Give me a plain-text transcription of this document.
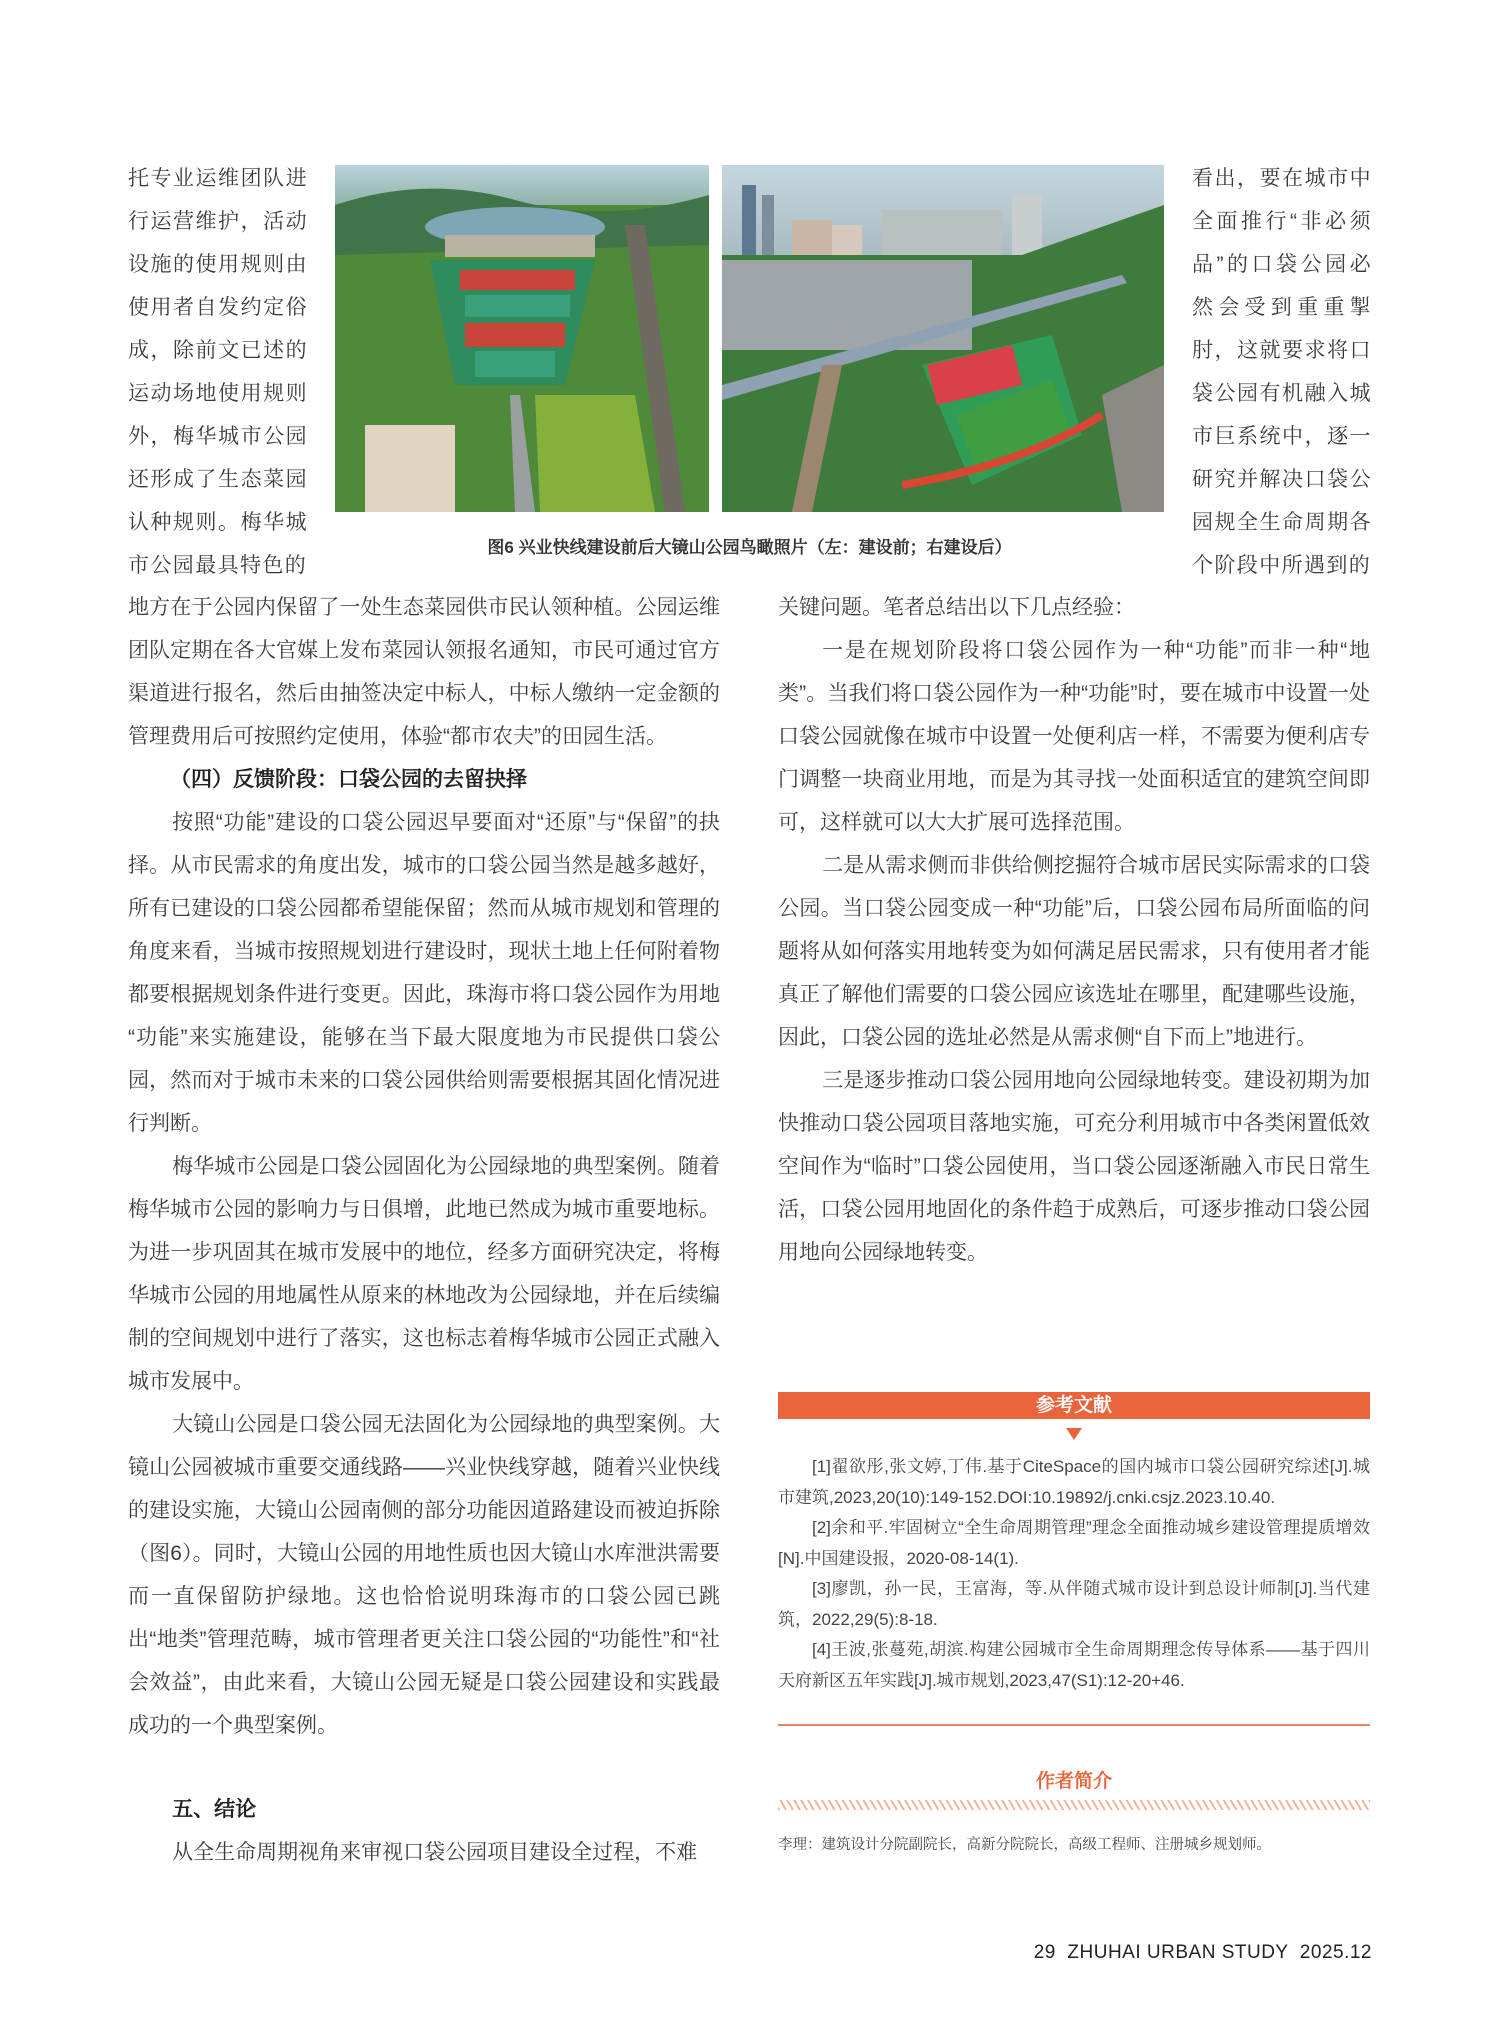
托专业运维团队进行运营维护，活动设施的使用规则由使用者自发约定俗成，除前文已述的运动场地使用规则外，梅华城市公园还形成了生态菜园认种规则。梅华城市公园最具特色的
看出，要在城市中全面推行“非必须品”的口袋公园必然会受到重重掣肘，这就要求将口袋公园有机融入城市巨系统中，逐一研究并解决口袋公园规全生命周期各个阶段中所遇到的
图6 兴业快线建设前后大镜山公园鸟瞰照片（左：建设前；右建设后）

地方在于公园内保留了一处生态菜园供市民认领种植。公园运维团队定期在各大官媒上发布菜园认领报名通知，市民可通过官方渠道进行报名，然后由抽签决定中标人，中标人缴纳一定金额的管理费用后可按照约定使用，体验“都市农夫”的田园生活。

（四）反馈阶段：口袋公园的去留抉择

按照“功能”建设的口袋公园迟早要面对“还原”与“保留”的抉择。从市民需求的角度出发，城市的口袋公园当然是越多越好，所有已建设的口袋公园都希望能保留；然而从城市规划和管理的角度来看，当城市按照规划进行建设时，现状土地上任何附着物都要根据规划条件进行变更。因此，珠海市将口袋公园作为用地 “功能”来实施建设，能够在当下最大限度地为市民提供口袋公园，然而对于城市未来的口袋公园供给则需要根据其固化情况进行判断。

梅华城市公园是口袋公园固化为公园绿地的典型案例。随着梅华城市公园的影响力与日俱增，此地已然成为城市重要地标。为进一步巩固其在城市发展中的地位，经多方面研究决定，将梅华城市公园的用地属性从原来的林地改为公园绿地，并在后续编制的空间规划中进行了落实，这也标志着梅华城市公园正式融入城市发展中。

大镜山公园是口袋公园无法固化为公园绿地的典型案例。大镜山公园被城市重要交通线路——兴业快线穿越，随着兴业快线的建设实施，大镜山公园南侧的部分功能因道路建设而被迫拆除（图6）。同时，大镜山公园的用地性质也因大镜山水库泄洪需要而一直保留防护绿地。这也恰恰说明珠海市的口袋公园已跳出“地类”管理范畴，城市管理者更关注口袋公园的“功能性”和“社会效益”，由此来看，大镜山公园无疑是口袋公园建设和实践最成功的一个典型案例。

五、结论

从全生命周期视角来审视口袋公园项目建设全过程，不难

关键问题。笔者总结出以下几点经验：

一是在规划阶段将口袋公园作为一种“功能”而非一种“地类”。当我们将口袋公园作为一种“功能”时，要在城市中设置一处口袋公园就像在城市中设置一处便利店一样，不需要为便利店专门调整一块商业用地，而是为其寻找一处面积适宜的建筑空间即可，这样就可以大大扩展可选择范围。

二是从需求侧而非供给侧挖掘符合城市居民实际需求的口袋公园。当口袋公园变成一种“功能”后，口袋公园布局所面临的问题将从如何落实用地转变为如何满足居民需求，只有使用者才能真正了解他们需要的口袋公园应该选址在哪里，配建哪些设施，因此，口袋公园的选址必然是从需求侧“自下而上”地进行。

三是逐步推动口袋公园用地向公园绿地转变。建设初期为加快推动口袋公园项目落地实施，可充分利用城市中各类闲置低效空间作为“临时”口袋公园使用，当口袋公园逐渐融入市民日常生活，口袋公园用地固化的条件趋于成熟后，可逐步推动口袋公园用地向公园绿地转变。

参考文献

[1]翟欲彤,张文婷,丁伟.基于CiteSpace的国内城市口袋公园研究综述[J].城市建筑,2023,20(10):149-152.DOI:10.19892/j.cnki.csjz.2023.10.40.

[2]余和平.牢固树立“全生命周期管理”理念全面推动城乡建设管理提质增效[N].中国建设报，2020-08-14(1).

[3]廖凯，孙一民，王富海，等.从伴随式城市设计到总设计师制[J].当代建筑，2022,29(5):8-18.

[4]王波,张蔓苑,胡滨.构建公园城市全生命周期理念传导体系——基于四川天府新区五年实践[J].城市规划,2023,47(S1):12-20+46.

作者简介
李理：建筑设计分院副院长，高新分院院长，高级工程师、注册城乡规划师。
29  ZHUHAI URBAN STUDY  2025.12
